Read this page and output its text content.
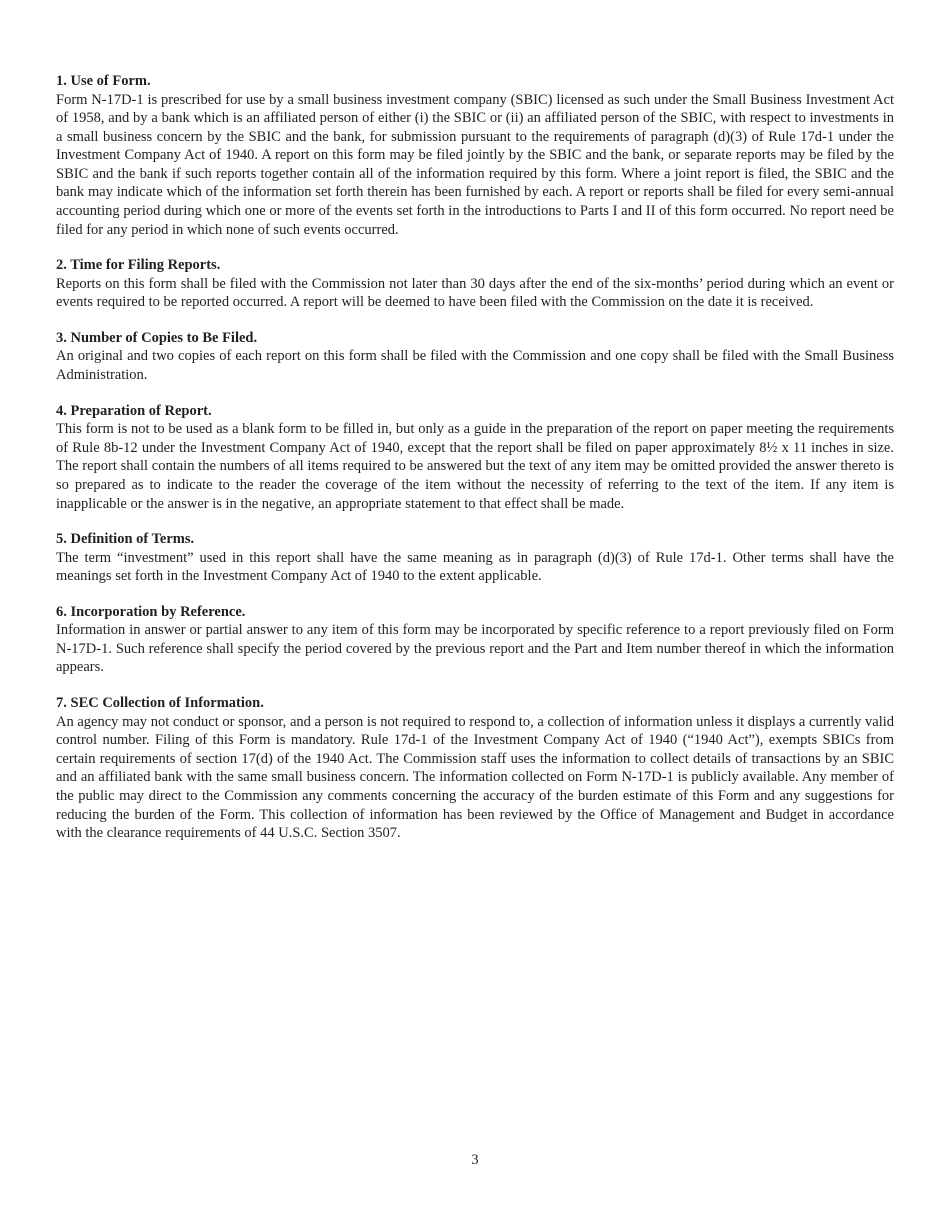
1. Use of Form.

Form N-17D-1 is prescribed for use by a small business investment company (SBIC) licensed as such under the Small Business Investment Act of 1958, and by a bank which is an affiliated person of either (i) the SBIC or (ii) an affiliated person of the SBIC, with respect to investments in a small business concern by the SBIC and the bank, for submission pursuant to the requirements of paragraph (d)(3) of Rule 17d-1 under the Investment Company Act of 1940. A report on this form may be filed jointly by the SBIC and the bank, or separate reports may be filed by the SBIC and the bank if such reports together contain all of the information required by this form. Where a joint report is filed, the SBIC and the bank may indicate which of the information set forth therein has been furnished by each. A report or reports shall be filed for every semi-annual accounting period during which one or more of the events set forth in the introductions to Parts I and II of this form occurred. No report need be filed for any period in which none of such events occurred.

2. Time for Filing Reports.

Reports on this form shall be filed with the Commission not later than 30 days after the end of the six-months’ period during which an event or events required to be reported occurred. A report will be deemed to have been filed with the Commission on the date it is received.

3. Number of Copies to Be Filed.

An original and two copies of each report on this form shall be filed with the Commission and one copy shall be filed with the Small Business Administration.

4. Preparation of Report.

This form is not to be used as a blank form to be filled in, but only as a guide in the preparation of the report on paper meeting the requirements of Rule 8b-12 under the Investment Company Act of 1940, except that the report shall be filed on paper approximately 8½ x 11 inches in size. The report shall contain the numbers of all items required to be answered but the text of any item may be omitted provided the answer thereto is so prepared as to indicate to the reader the coverage of the item without the necessity of referring to the text of the item. If any item is inapplicable or the answer is in the negative, an appropriate statement to that effect shall be made.

5. Definition of Terms.

The term “investment” used in this report shall have the same meaning as in paragraph (d)(3) of Rule 17d-1. Other terms shall have the meanings set forth in the Investment Company Act of 1940 to the extent applicable.

6. Incorporation by Reference.

Information in answer or partial answer to any item of this form may be incorporated by specific reference to a report previously filed on Form N-17D-1. Such reference shall specify the period covered by the previous report and the Part and Item number thereof in which the information appears.

7. SEC Collection of Information.

An agency may not conduct or sponsor, and a person is not required to respond to, a collection of information unless it displays a currently valid control number. Filing of this Form is mandatory. Rule 17d-1 of the Investment Company Act of 1940 (“1940 Act”), exempts SBICs from certain requirements of section 17(d) of the 1940 Act. The Commission staff uses the information to collect details of transactions by an SBIC and an affiliated bank with the same small business concern. The information collected on Form N-17D-1 is publicly available. Any member of the public may direct to the Commission any comments concerning the accuracy of the burden estimate of this Form and any suggestions for reducing the burden of the Form. This collection of information has been reviewed by the Office of Management and Budget in accordance with the clearance requirements of 44 U.S.C. Section 3507.

3
